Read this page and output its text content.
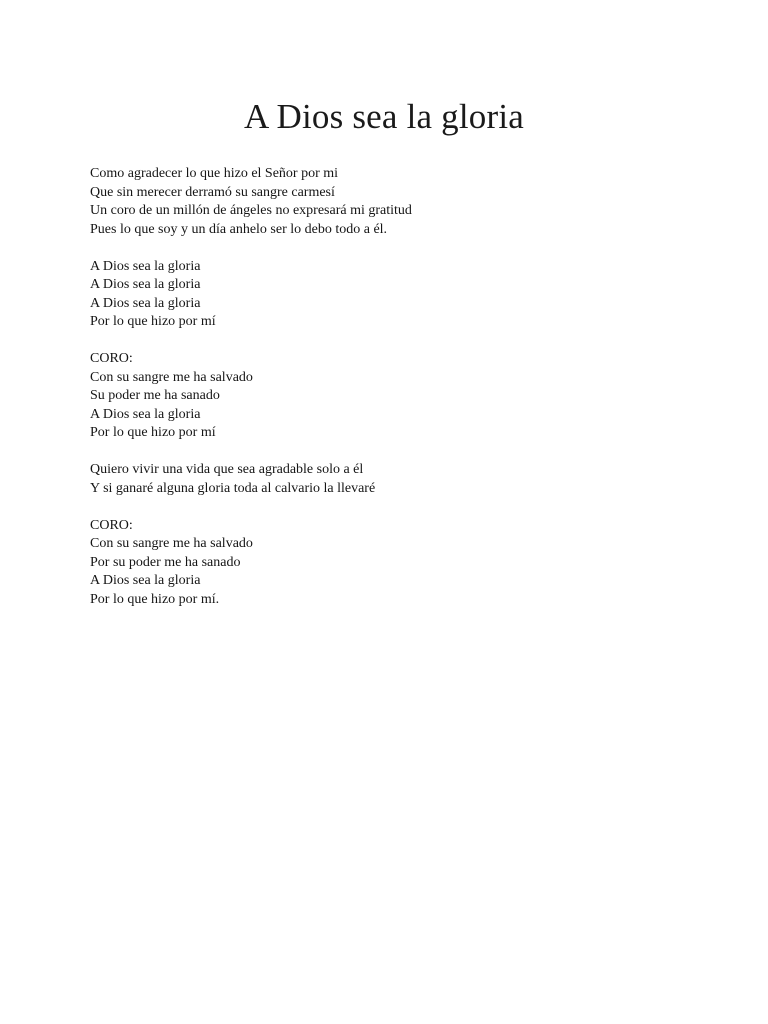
A Dios sea la gloria
Como agradecer lo que hizo el Señor por mi
Que sin merecer derramó su sangre carmesí
Un coro de un millón de ángeles no expresará mi gratitud
Pues lo que soy y un día anhelo ser lo debo todo a él.
A Dios sea la gloria
A Dios sea la gloria
A Dios sea la gloria
Por lo que hizo por mí
CORO:
Con su sangre me ha salvado
Su poder me ha sanado
A Dios sea la gloria
Por lo que hizo por mí
Quiero vivir una vida que sea agradable solo a él
Y si ganaré alguna gloria toda al calvario la llevaré
CORO:
Con su sangre me ha salvado
Por su poder me ha sanado
A Dios sea la gloria
Por lo que hizo por mí.
